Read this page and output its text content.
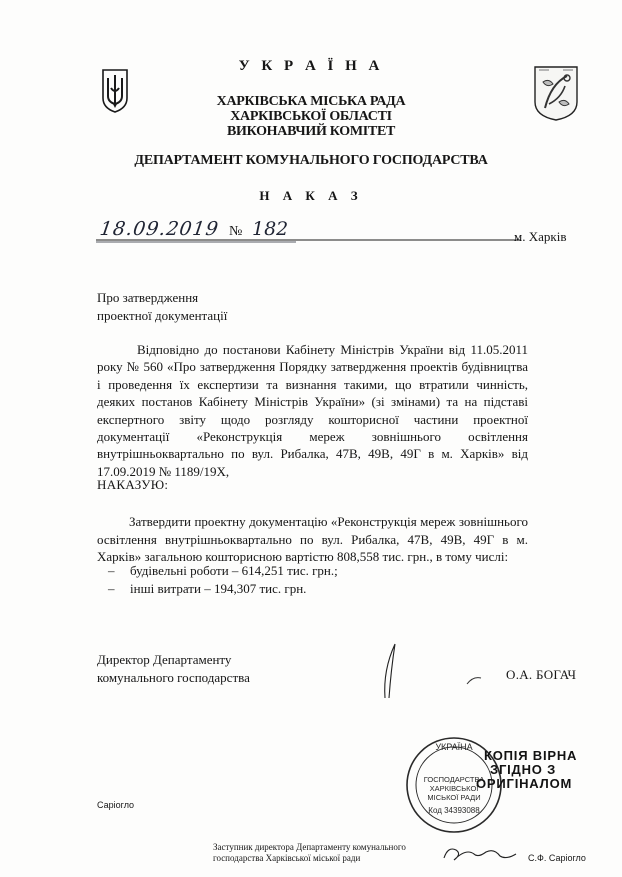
У К Р А Ї Н А
ХАРКІВСЬКА МІСЬКА РАДА
ХАРКІВСЬКОЇ ОБЛАСТІ
ВИКОНАВЧИЙ КОМІТЕТ
ДЕПАРТАМЕНТ КОМУНАЛЬНОГО ГОСПОДАРСТВА
Н А К А З
18.09.2019 № 182	м. Харків
Про затвердження
проектної документації
Відповідно до постанови Кабінету Міністрів України від 11.05.2011 року № 560 «Про затвердження Порядку затвердження проектів будівництва і проведення їх експертизи та визнання такими, що втратили чинність, деяких постанов Кабінету Міністрів України» (зі змінами) та на підставі експертного звіту щодо розгляду кошторисної частини проектної документації «Реконструкція мереж зовнішнього освітлення внутрішньоквартально по вул. Рибалка, 47В, 49В, 49Г в м. Харків» від 17.09.2019 № 1189/19Х,
НАКАЗУЮ:
Затвердити проектну документацію «Реконструкція мереж зовнішнього освітлення внутрішньоквартально по вул. Рибалка, 47В, 49В, 49Г в м. Харків» загальною кошторисною вартістю 808,558 тис. грн., в тому числі:
– будівельні роботи – 614,251 тис. грн.;
– інші витрати – 194,307 тис. грн.
Директор Департаменту
комунального господарства	О.А. БОГАЧ
УКРАЇНА
ГОСПОДАРСТВА
ХАРКІВСЬКОЇ
МІСЬКОЇ РАДИ
Код 34393088
КОПІЯ ВІРНА
ЗГІДНО З
ОРИГІНАЛОМ
Саріогло
Заступник директора Департаменту комунального
господарства Харківської міської ради	С.Ф. Саріогло
